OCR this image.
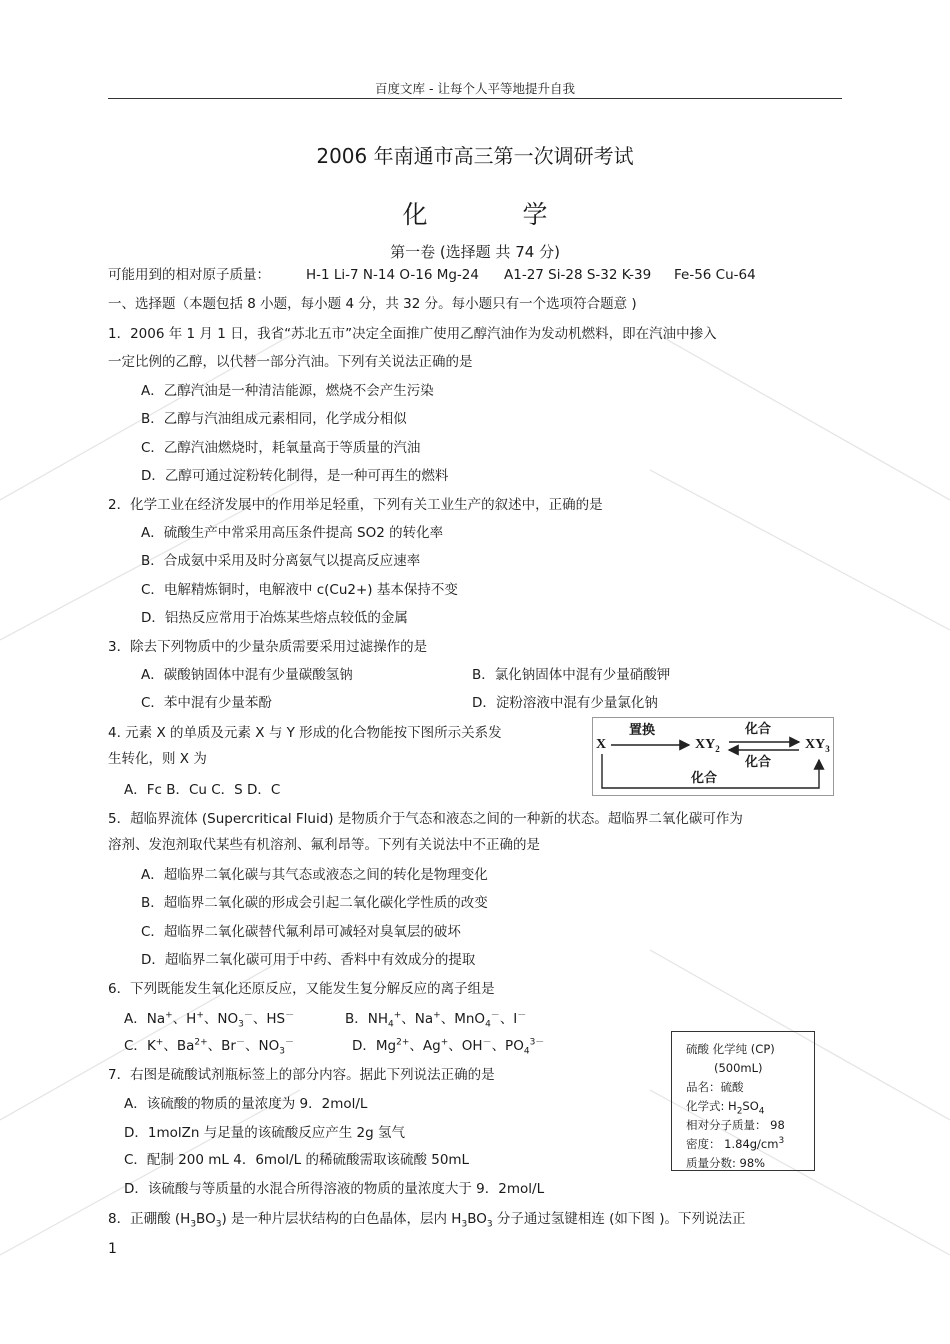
百度文库 - 让每个人平等地提升自我
2006 年南通市高三第一次调研考试
化	学
第一卷 (选择题 共 74 分)
可能用到的相对原子质量：	H-1 Li-7 N-14 O-16 Mg-24 A1-27 Si-28 S-32 K-39 Fe-56 Cu-64
一、选择题（本题包括 8 小题，每小题 4 分，共 32 分。每小题只有一个选项符合题意 )
1．2006 年 1 月 1 日，我省“苏北五市”决定全面推广使用乙醇汽油作为发动机燃料，即在汽油中掺入
一定比例的乙醇，以代替一部分汽油。下列有关说法正确的是
A．乙醇汽油是一种清洁能源，燃烧不会产生污染
B．乙醇与汽油组成元素相同，化学成分相似
C．乙醇汽油燃烧时，耗氧量高于等质量的汽油
D．乙醇可通过淀粉转化制得，是一种可再生的燃料
2．化学工业在经济发展中的作用举足轻重，下列有关工业生产的叙述中，正确的是
A．硫酸生产中常采用高压条件提高 SO2 的转化率
B．合成氨中采用及时分离氨气以提高反应速率
C．电解精炼铜时，电解液中 c(Cu2+) 基本保持不变
D．铝热反应常用于冶炼某些熔点较低的金属
3．除去下列物质中的少量杂质需要采用过滤操作的是
A．碳酸钠固体中混有少量碳酸氢钠	B．氯化钠固体中混有少量硝酸钾
C．苯中混有少量苯酚	D．淀粉溶液中混有少量氯化钠
4. 元素 X 的单质及元素 X 与 Y 形成的化合物能按下图所示关系发
生转化，则 X 为
A．Fc B．Cu C．S D．C
X	$XY_2$	$XY_3$
置换	化合
化合
化合
5．超临界流体 (Supercritical Fluid) 是物质介于气态和液态之间的一种新的状态。超临界二氧化碳可作为
溶剂、发泡剂取代某些有机溶剂、氟利昂等。下列有关说法中不正确的是
A．超临界二氧化碳与其气态或液态之间的转化是物理变化
B．超临界二氧化碳的形成会引起二氧化碳化学性质的改变
C．超临界二氧化碳替代氟利昂可减轻对臭氧层的破坏
D．超临界二氧化碳可用于中药、香料中有效成分的提取
6．下列既能发生氧化还原反应，又能发生复分解反应的离子组是
A．Na+、H+、$NO_3^-$、HS－	B．$NH_4^+$、Na+、MnO$_4$－、I－
C．K+、$Ba^{2+}$、Br－、$NO_3^-$	D．$Mg^{2+}$、Ag+、OH－、$PO_4^{3-}$	硫酸 化学纯 (CP)
(500mL)
品名：硫酸
化学式: $H_2SO_4$
相对分子质量： 98
密度： $1.84g/cm^3$
质量分数: 98%
7．右图是硫酸试剂瓶标签上的部分内容。据此下列说法正确的是
A．该硫酸的物质的量浓度为 9．2mol/L
D．1molZn 与足量的该硫酸反应产生 2g 氢气
C．配制 200 mL 4．6mol/L 的稀硫酸需取该硫酸 50mL
D．该硫酸与等质量的水混合所得溶液的物质的量浓度大于 9．2mol/L
8．正硼酸 $(H_3BO_3)$ 是一种片层状结构的白色晶体，层内 $H_3BO_3$ 分子通过氢键相连 (如下图 )。下列说法正
1
